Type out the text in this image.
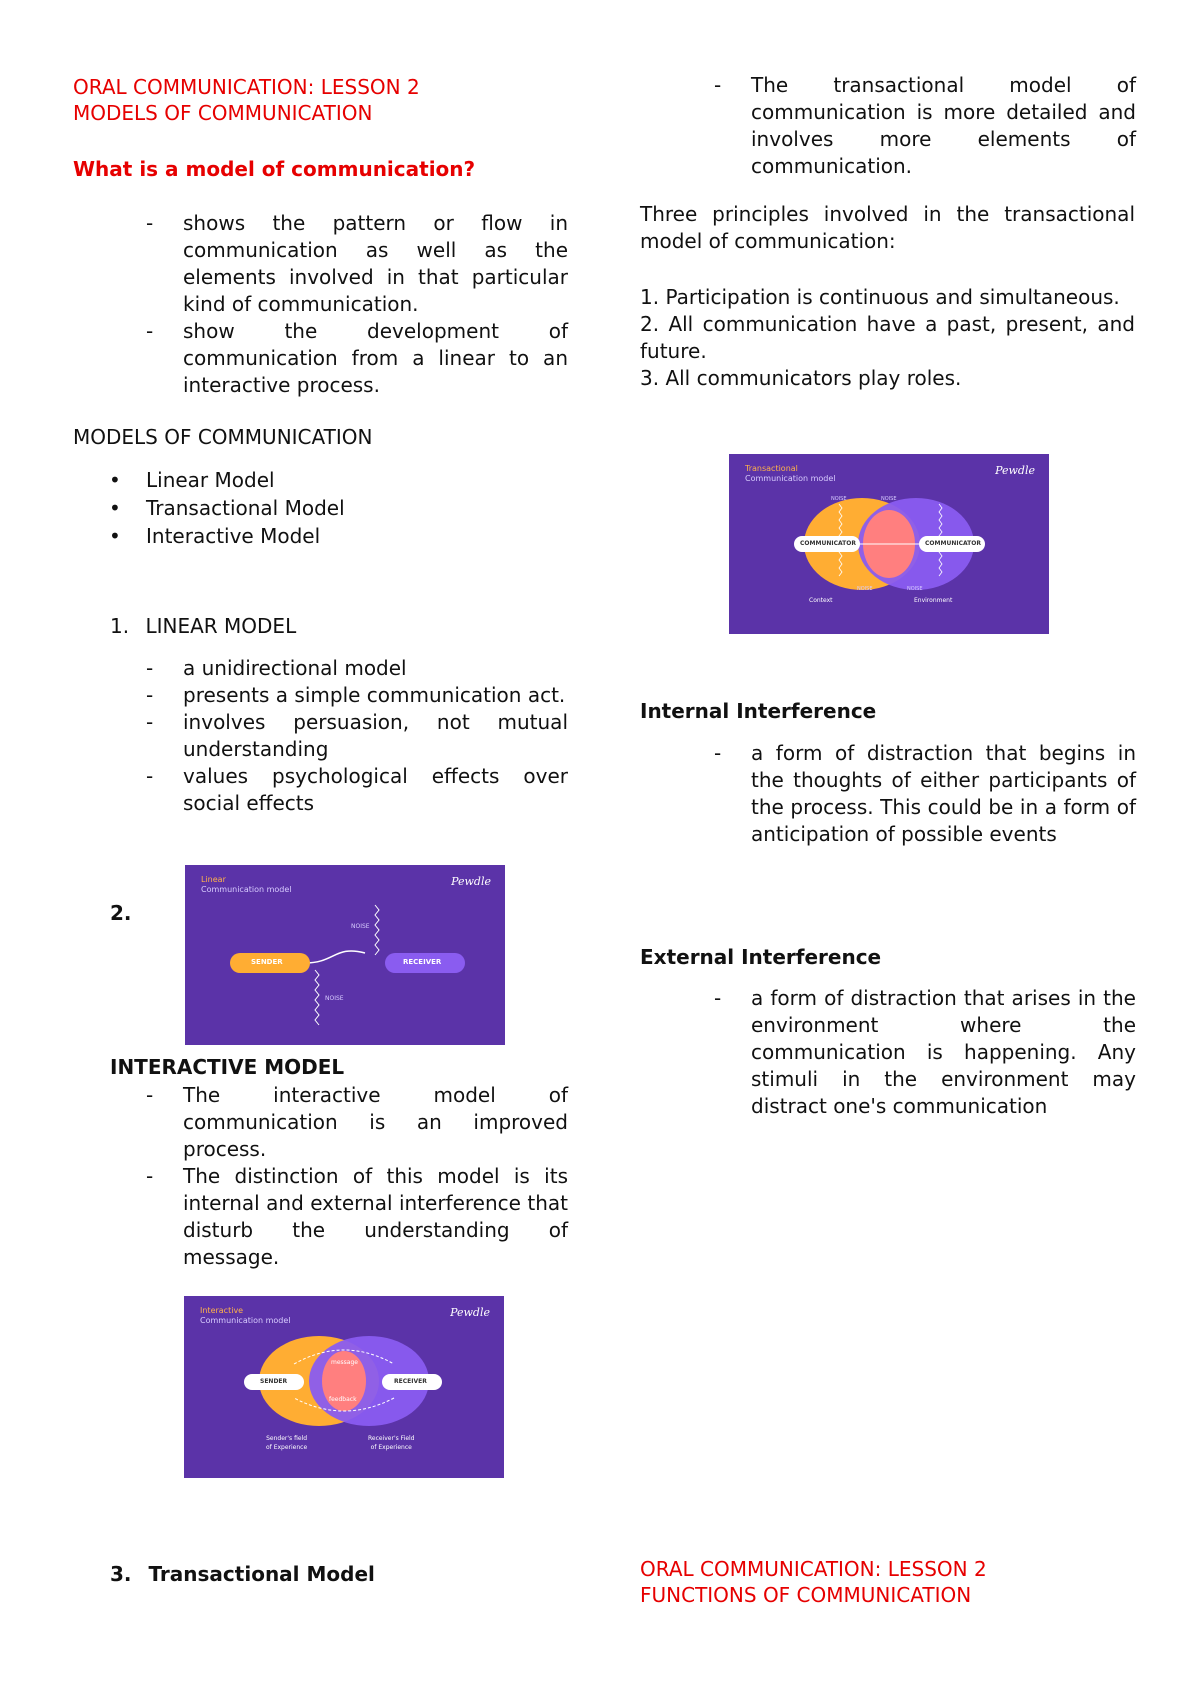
ORAL COMMUNICATION: LESSON 2

MODELS OF COMMUNICATION

What is a model of communication?

- shows the pattern or flow in communication as well as the elements involved in that particular kind of communication.
- show the development of communication from a linear to an interactive process.

MODELS OF COMMUNICATION

• Linear Model
• Transactional Model
• Interactive Model
1. LINEAR MODEL
- a unidirectional model
- presents a simple communication act.
- involves persuasion, not mutual understanding
- values psychological effects over social effects

2.

Linear
Communication model
Pewdle
SENDER	RECEIVER
NOISE
NOISE

INTERACTIVE MODEL

- The interactive model of communication is an improved process.
- The distinction of this model is its internal and external interference that disturb the understanding of message.
Interactive
Communication model
Pewdle
SENDER	RECEIVER
message
feedback
Sender's field
of Experience
Receiver's Field
of Experience
3. Transactional Model
- The transactional model of communication is more detailed and involves more elements of communication.

Three principles involved in the transactional model of communication:

1. Participation is continuous and simultaneous.

2. All communication have a past, present, and future.

3. All communicators play roles.

Transactional
Communication model
Pewdle
COMMUNICATOR	COMMUNICATOR
NOISE	NOISE
NOISE	NOISE
Context	Environment

Internal Interference

- a form of distraction that begins in the thoughts of either participants of the process. This could be in a form of anticipation of possible events

External Interference

- a form of distraction that arises in the environment where the communication is happening. Any stimuli in the environment may distract one's communication

ORAL COMMUNICATION: LESSON 2

FUNCTIONS OF COMMUNICATION
